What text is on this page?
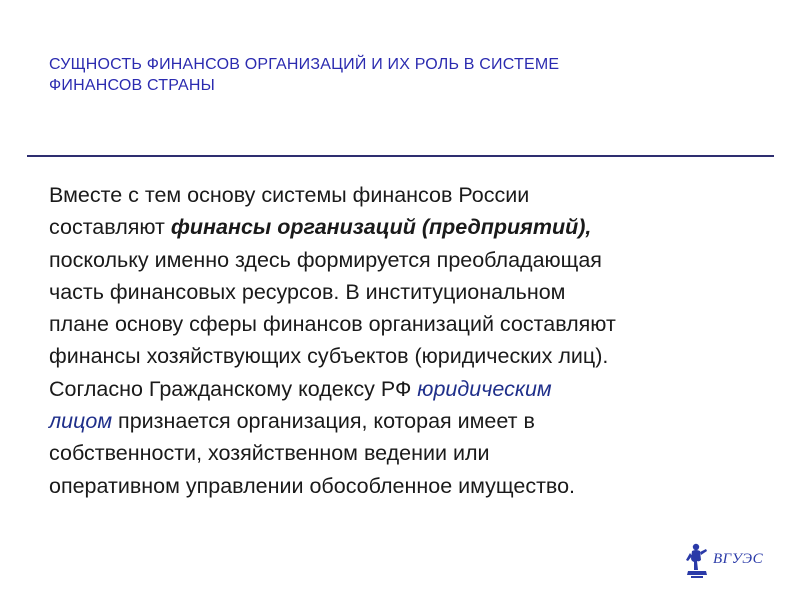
СУЩНОСТЬ ФИНАНСОВ ОРГАНИЗАЦИЙ И ИХ РОЛЬ В СИСТЕМЕ
ФИНАНСОВ СТРАНЫ

Вместе с тем основу системы финансов России
составляют финансы организаций (предприятий),
поскольку именно здесь формируется преобладающая
часть финансовых ресурсов. В институциональном
плане основу сферы финансов организаций составляют
финансы хозяйствующих субъектов (юридических лиц).
Согласно Гражданскому кодексу РФ юридическим
лицом признается организация, которая имеет в
собственности, хозяйственном ведении или
оперативном управлении обособленное имущество.

ВГУЭС
